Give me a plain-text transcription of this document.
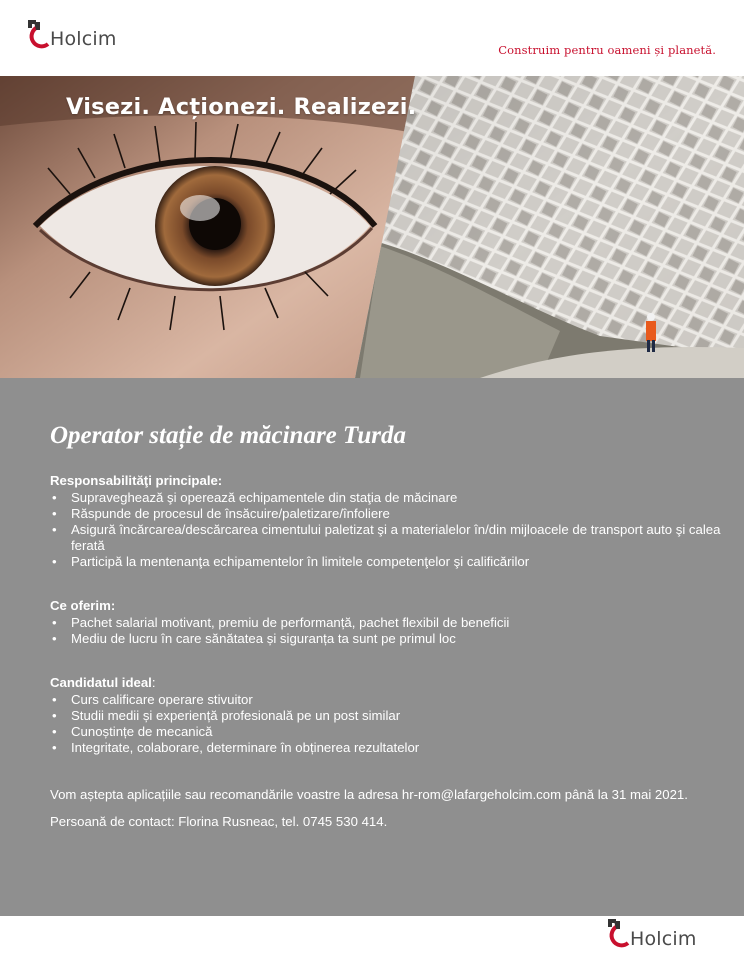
Holcim	Construim pentru oameni și planetă.
Visezi. Acționezi. Realizezi.
Operator stație de măcinare Turda
Responsabilităţi principale:
• Supraveghează şi operează echipamentele din staţia de măcinare
• Răspunde de procesul de însăcuire/paletizare/înfoliere
• Asigură încărcarea/descărcarea cimentului paletizat şi a materialelor în/din mijloacele de transport auto şi calea ferată
• Participă la mentenanţa echipamentelor în limitele competenţelor şi calificărilor
Ce oferim:
• Pachet salarial motivant, premiu de performanță, pachet flexibil de beneficii
• Mediu de lucru în care sănătatea și siguranța ta sunt pe primul loc
Candidatul ideal:
• Curs calificare operare stivuitor
• Studii medii și experiență profesională pe un post similar
• Cunoștințe de mecanică
• Integritate, colaborare, determinare în obținerea rezultatelor
Vom aștepta aplicațiile sau recomandările voastre la adresa hr-rom@lafargeholcim.com până la 31 mai 2021.
Persoană de contact: Florina Rusneac, tel. 0745 530 414.
Holcim
